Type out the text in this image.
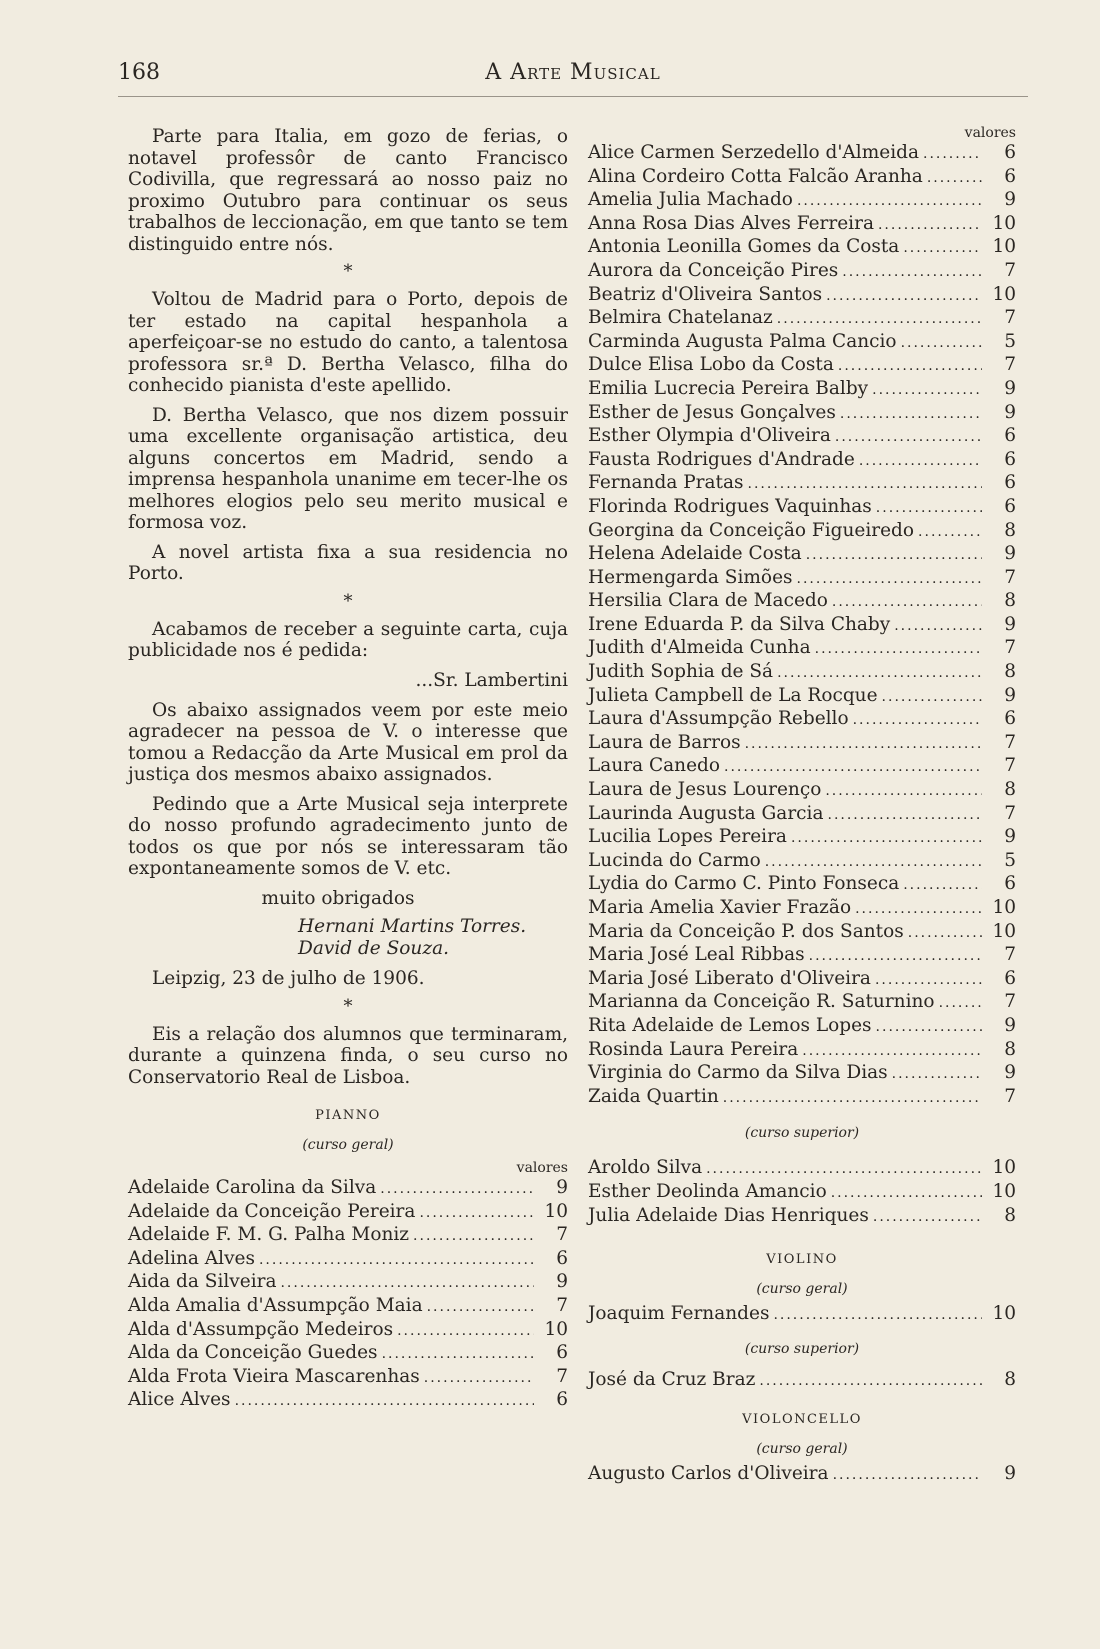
168	A Arte Musical

Parte para Italia, em gozo de ferias, o notavel professôr de canto Francisco Codivilla, que regressará ao nosso paiz no proximo Outubro para continuar os seus trabalhos de leccionação, em que tanto se tem distinguido entre nós.

*

Voltou de Madrid para o Porto, depois de ter estado na capital hespanhola a aperfeiçoar-se no estudo do canto, a talentosa professora sr.ª D. Bertha Velasco, filha do conhecido pianista d'este apellido.

D. Bertha Velasco, que nos dizem possuir uma excellente organisação artistica, deu alguns concertos em Madrid, sendo a imprensa hespanhola unanime em tecer-lhe os melhores elogios pelo seu merito musical e formosa voz.

A novel artista fixa a sua residencia no Porto.

*

Acabamos de receber a seguinte carta, cuja publicidade nos é pedida:

...Sr. Lambertini

Os abaixo assignados veem por este meio agradecer na pessoa de V. o interesse que tomou a Redacção da Arte Musical em prol da justiça dos mesmos abaixo assignados.

Pedindo que a Arte Musical seja interprete do nosso profundo agradecimento junto de todos os que por nós se interessaram tão expontaneamente somos de V. etc.

muito obrigados
Hernani Martins Torres.
David de Souza.
Leipzig, 23 de julho de 1906.
*

Eis a relação dos alumnos que terminaram, durante a quinzena finda, o seu curso no Conservatorio Real de Lisboa.

PIANNO
(curso geral)
valores
Adelaide Carolina da Silva .....	9
Adelaide da Conceição Pereira .....	10
Adelaide F. M. G. Palha Moniz .....	7
Adelina Alves .....	6
Aida da Silveira .....	9
Alda Amalia d'Assumpção Maia .....	7
Alda d'Assumpção Medeiros .....	10
Alda da Conceição Guedes .....	6
Alda Frota Vieira Mascarenhas .....	7
Alice Alves .....	6
valores
Alice Carmen Serzedello d'Almeida .....	6
Alina Cordeiro Cotta Falcão Aranha .....	6
Amelia Julia Machado .....	9
Anna Rosa Dias Alves Ferreira .....	10
Antonia Leonilla Gomes da Costa .....	10
Aurora da Conceição Pires .....	7
Beatriz d'Oliveira Santos .....	10
Belmira Chatelanaz .....	7
Carminda Augusta Palma Cancio .....	5
Dulce Elisa Lobo da Costa .....	7
Emilia Lucrecia Pereira Balby .....	9
Esther de Jesus Gonçalves .....	9
Esther Olympia d'Oliveira .....	6
Fausta Rodrigues d'Andrade .....	6
Fernanda Pratas .....	6
Florinda Rodrigues Vaquinhas .....	6
Georgina da Conceição Figueiredo .....	8
Helena Adelaide Costa .....	9
Hermengarda Simões .....	7
Hersilia Clara de Macedo .....	8
Irene Eduarda P. da Silva Chaby .....	9
Judith d'Almeida Cunha .....	7
Judith Sophia de Sá .....	8
Julieta Campbell de La Rocque .....	9
Laura d'Assumpção Rebello .....	6
Laura de Barros .....	7
Laura Canedo .....	7
Laura de Jesus Lourenço .....	8
Laurinda Augusta Garcia .....	7
Lucilia Lopes Pereira .....	9
Lucinda do Carmo .....	5
Lydia do Carmo C. Pinto Fonseca .....	6
Maria Amelia Xavier Frazão .....	10
Maria da Conceição P. dos Santos .....	10
Maria José Leal Ribbas .....	7
Maria José Liberato d'Oliveira .....	6
Marianna da Conceição R. Saturnino .....	7
Rita Adelaide de Lemos Lopes .....	9
Rosinda Laura Pereira .....	8
Virginia do Carmo da Silva Dias .....	9
Zaida Quartin .....	7
(curso superior)
Aroldo Silva .....	10
Esther Deolinda Amancio .....	10
Julia Adelaide Dias Henriques .....	8
VIOLINO
(curso geral)
Joaquim Fernandes .....	10
(curso superior)
José da Cruz Braz .....	8
VIOLONCELLO
(curso geral)
Augusto Carlos d'Oliveira .....	9
